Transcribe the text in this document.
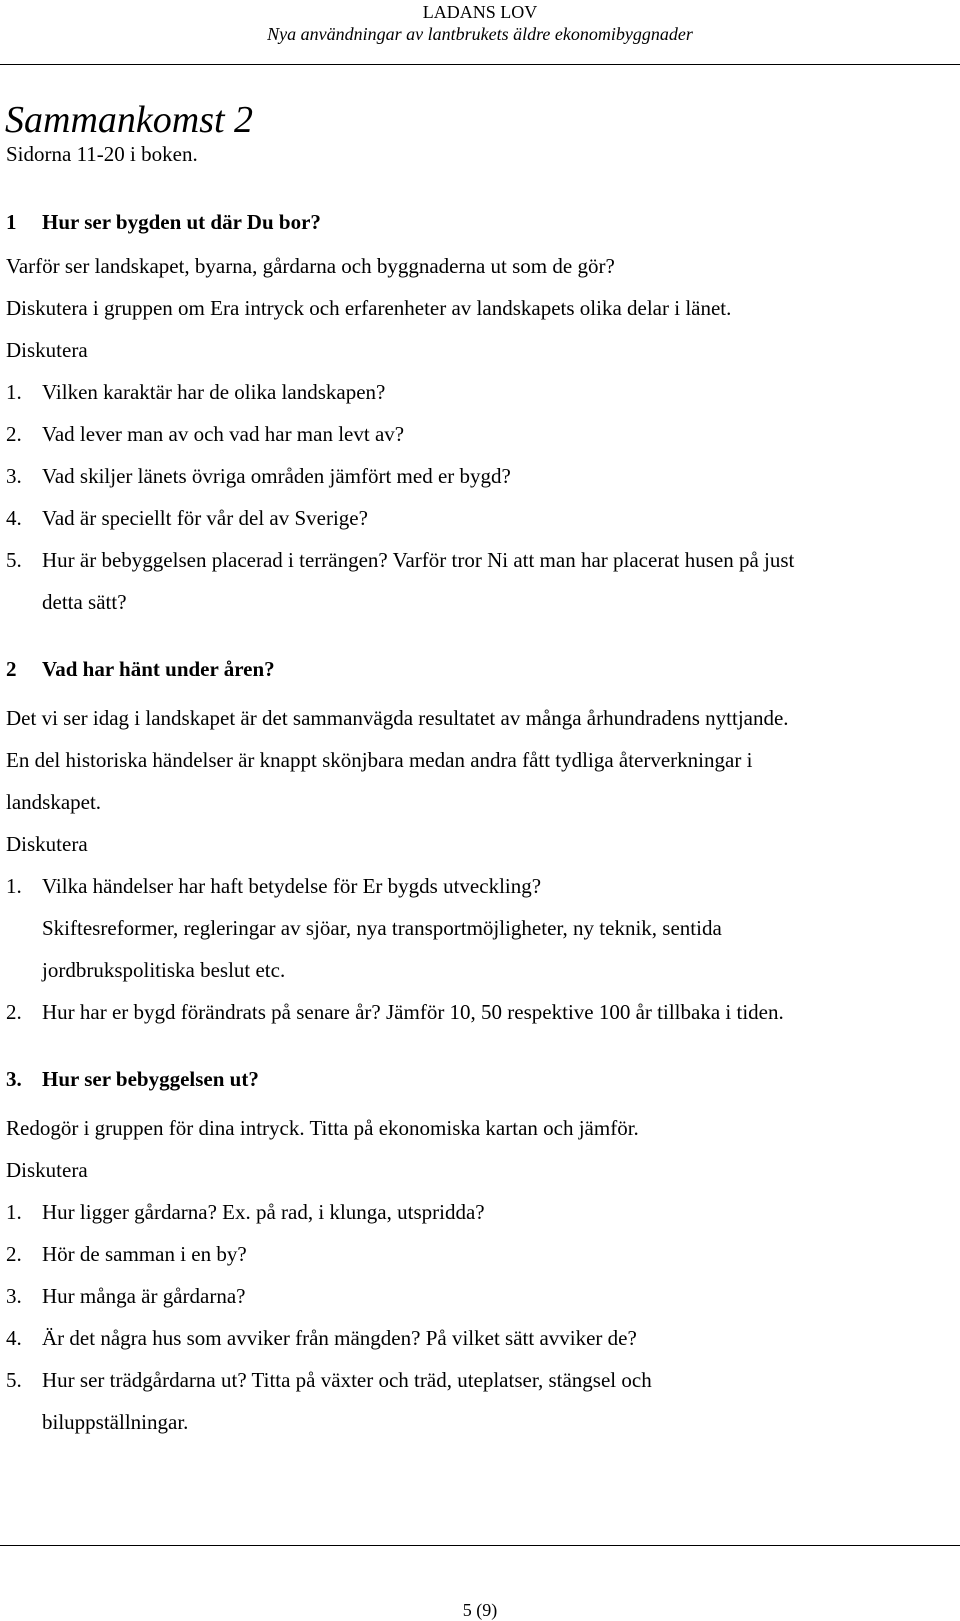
LADANS LOV
Nya användningar av lantbrukets äldre ekonomibyggnader
Sammankomst 2
Sidorna 11-20 i boken.
1 Hur ser bygden ut där Du bor?
Varför ser landskapet, byarna, gårdarna och byggnaderna ut som de gör?
Diskutera i gruppen om Era intryck och erfarenheter av landskapets olika delar i länet.
Diskutera
1. Vilken karaktär har de olika landskapen?
2. Vad lever man av och vad har man levt av?
3. Vad skiljer länets övriga områden jämfört med er bygd?
4. Vad är speciellt för vår del av Sverige?
5. Hur är bebyggelsen placerad i terrängen? Varför tror Ni att man har placerat husen på just
detta sätt?
2 Vad har hänt under åren?
Det vi ser idag i landskapet är det sammanvägda resultatet av många århundradens nyttjande.
En del historiska händelser är knappt skönjbara medan andra fått tydliga återverkningar i
landskapet.
Diskutera
1. Vilka händelser har haft betydelse för Er bygds utveckling?
Skiftesreformer, regleringar av sjöar, nya transportmöjligheter, ny teknik, sentida
jordbrukspolitiska beslut etc.
2. Hur har er bygd förändrats på senare år? Jämför 10, 50 respektive 100 år tillbaka i tiden.
3. Hur ser bebyggelsen ut?
Redogör i gruppen för dina intryck. Titta på ekonomiska kartan och jämför.
Diskutera
1. Hur ligger gårdarna? Ex. på rad, i klunga, utspridda?
2. Hör de samman i en by?
3. Hur många är gårdarna?
4. Är det några hus som avviker från mängden? På vilket sätt avviker de?
5. Hur ser trädgårdarna ut? Titta på växter och träd, uteplatser, stängsel och
biluppställningar.
5 (9)
